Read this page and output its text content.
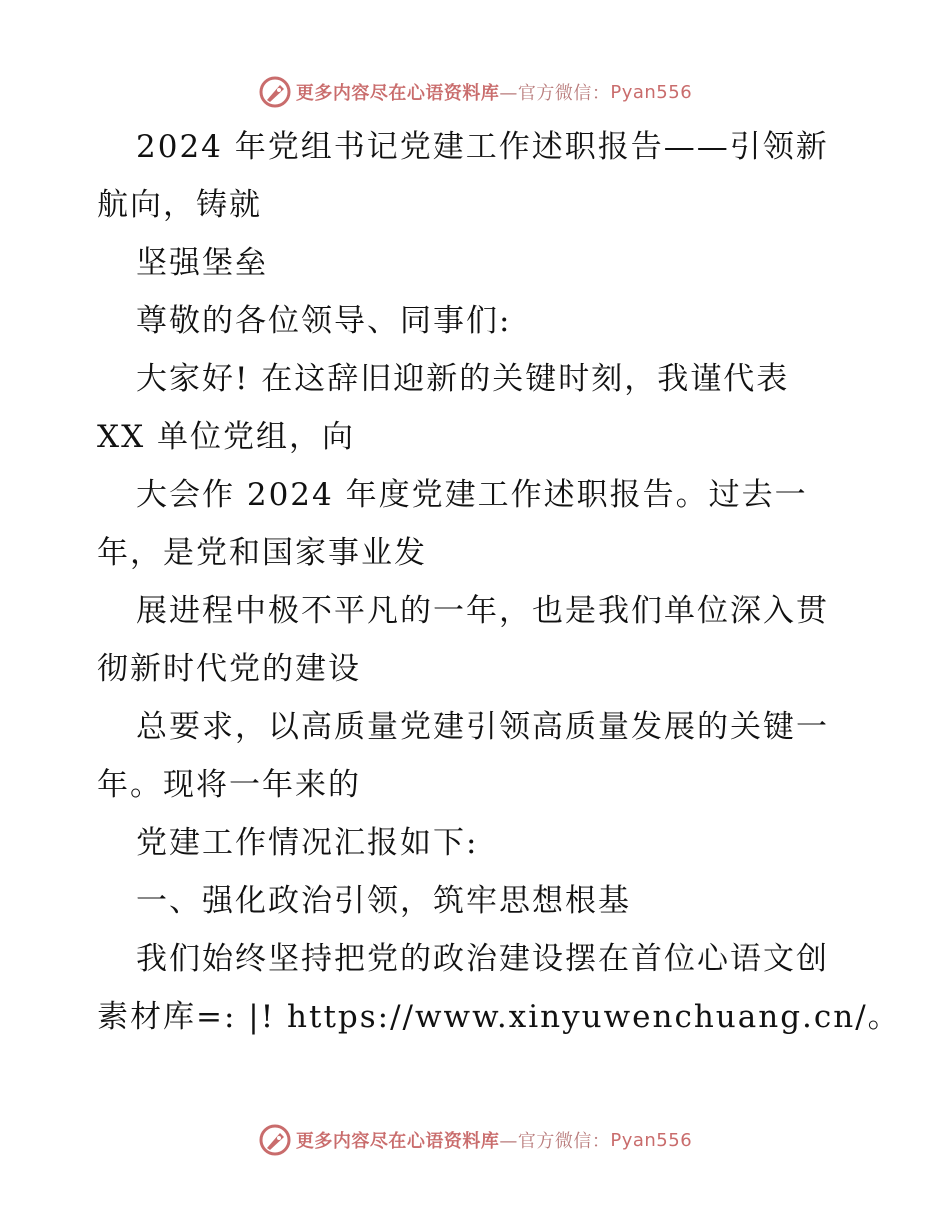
更多内容尽在心语资料库 —官方微信： Pyan556
2024 年党组书记党建工作述职报告——引领新
航向，铸就
坚强堡垒
尊敬的各位领导、同事们:
大家好! 在这辞旧迎新的关键时刻，我谨代表
XX 单位党组，向
大会作 2024 年度党建工作述职报告。过去一
年，是党和国家事业发
展进程中极不平凡的一年，也是我们单位深入贯
彻新时代党的建设
总要求，以高质量党建引领高质量发展的关键一
年。现将一年来的
党建工作情况汇报如下:
一、强化政治引领，筑牢思想根基
我们始终坚持把党的政治建设摆在首位心语文创
素材库=: |! https://www.xinyuwenchuang.cn/。
更多内容尽在心语资料库 —官方微信： Pyan556
